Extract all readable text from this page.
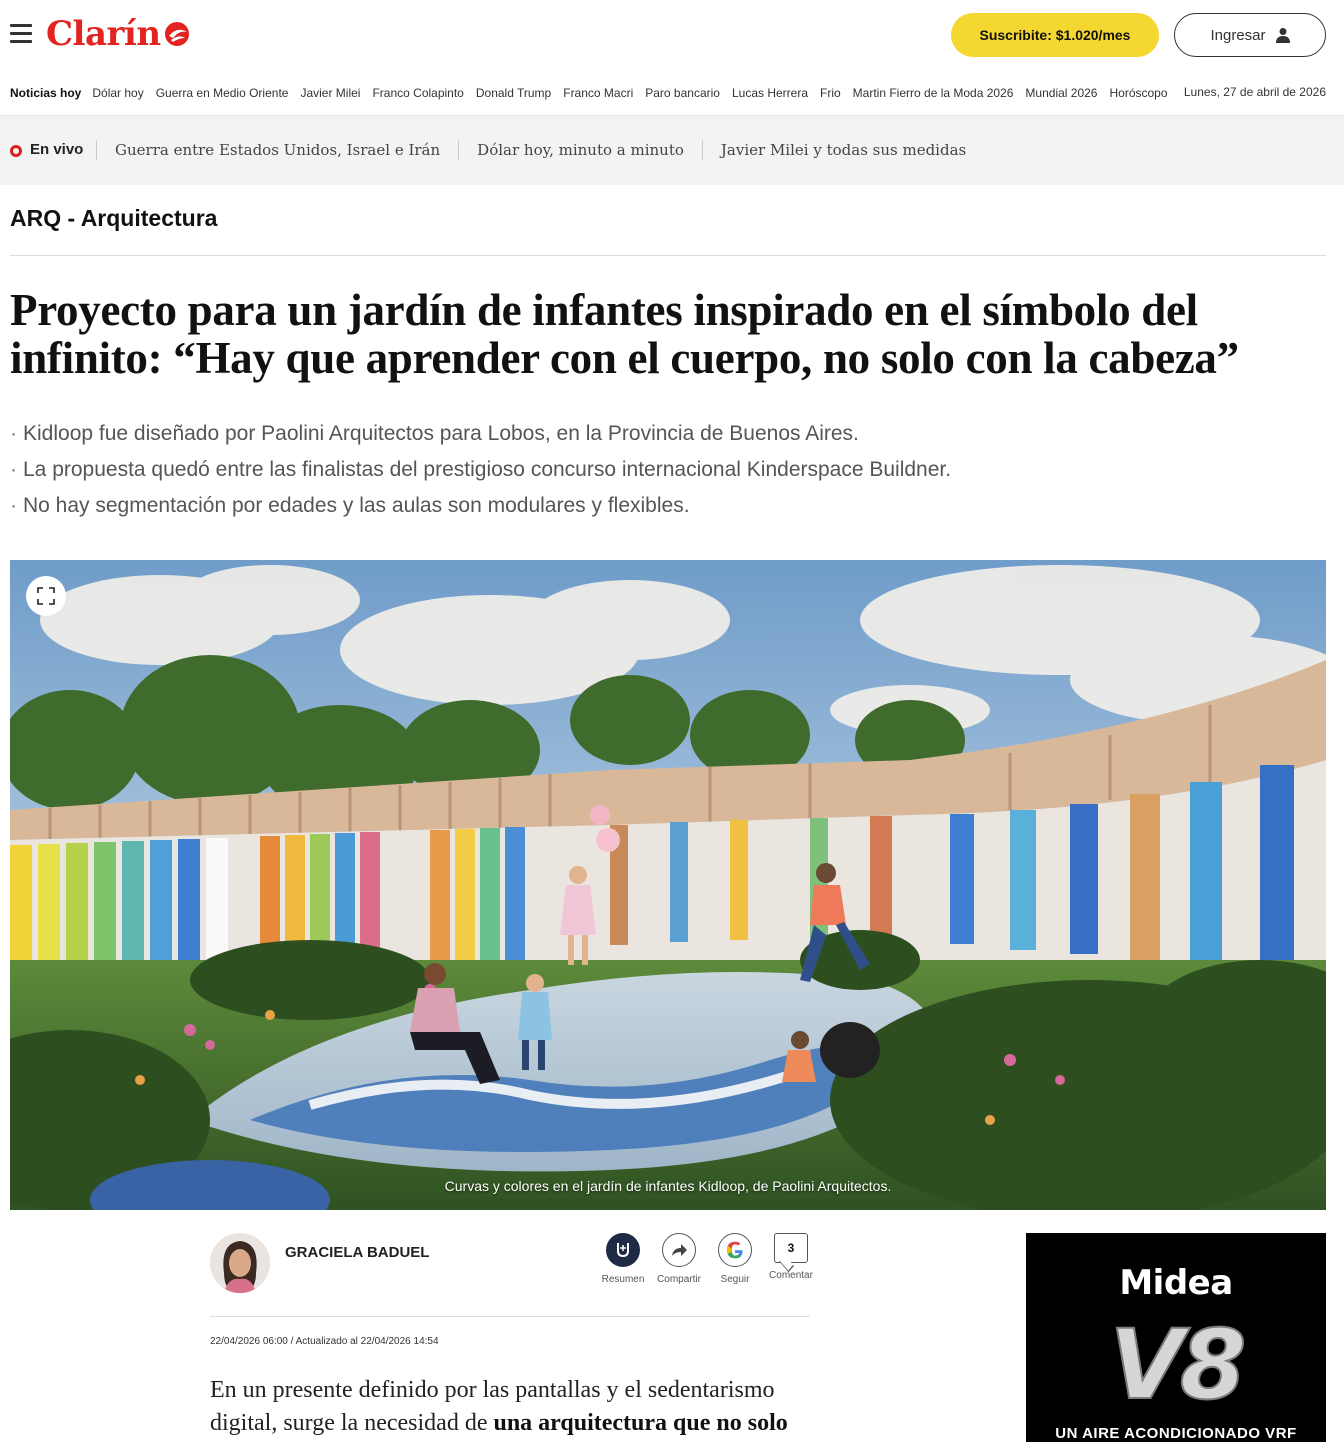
Clarín	Suscribite: $1.020/mes	Ingresar
Noticias hoy Dólar hoy Guerra en Medio Oriente Javier Milei Franco Colapinto Donald Trump Franco Macri Paro bancario Lucas Herrera Frio Martin Fierro de la Moda 2026 Mundial 2026 Horóscopo	Lunes, 27 de abril de 2026
En vivo	Guerra entre Estados Unidos, Israel e Irán	Dólar hoy, minuto a minuto	Javier Milei y todas sus medidas
ARQ - Arquitectura
Proyecto para un jardín de infantes inspirado en el símbolo del infinito: “Hay que aprender con el cuerpo, no solo con la cabeza”
· Kidloop fue diseñado por Paolini Arquitectos para Lobos, en la Provincia de Buenos Aires.
· La propuesta quedó entre las finalistas del prestigioso concurso internacional Kinderspace Buildner.
· No hay segmentación por edades y las aulas son modulares y flexibles.
Curvas y colores en el jardín de infantes Kidloop, de Paolini Arquitectos.
GRACIELA BADUEL
Resumen Compartir Seguir
3
Comentar
22/04/2026 06:00 / Actualizado al 22/04/2026 14:54

En un presente definido por las pantallas y el sedentarismo digital, surge la necesidad de una arquitectura que no solo

Midea
V8
UN AIRE ACONDICIONADO VRF
